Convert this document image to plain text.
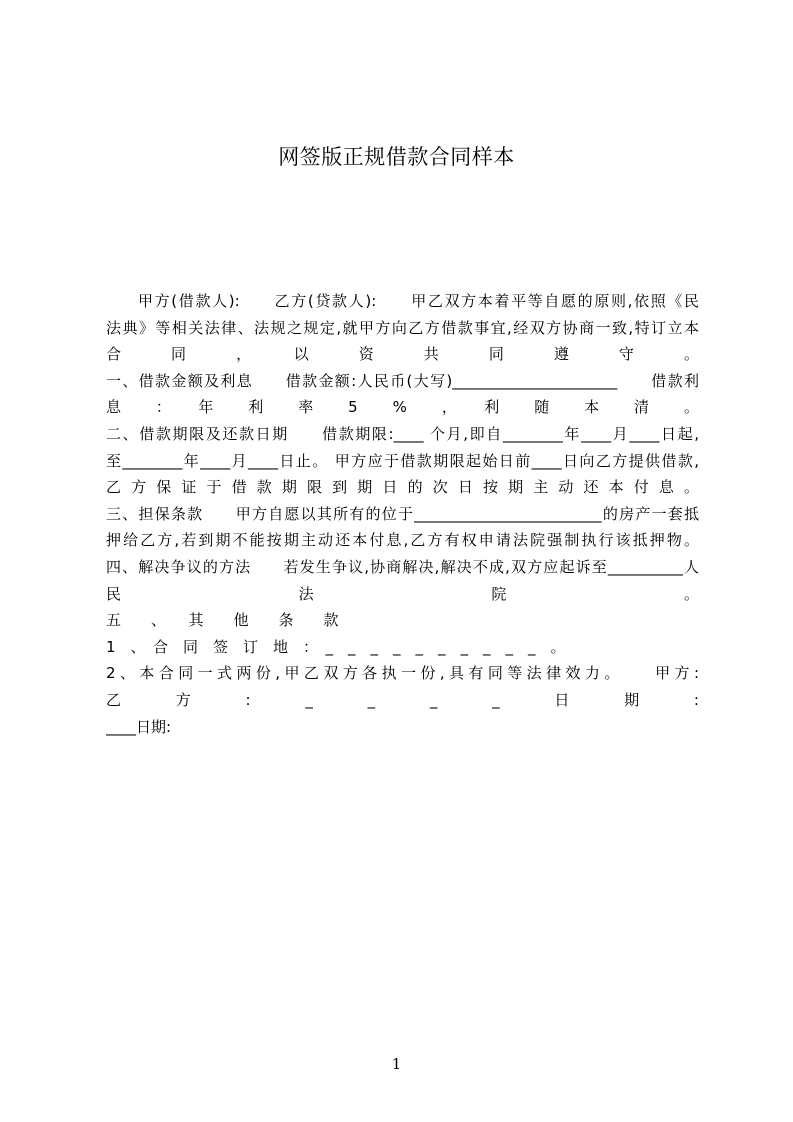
网签版正规借款合同样本
甲方(借款人):　　乙方(贷款人):　　甲乙双方本着平等自愿的原则,依照《民
法典》等相关法律、法规之规定,就甲方向乙方借款事宜,经双方协商一致,特订立本
合　　同　　，　　以　　资　　共　　同　　遵　　守　　。
一、借款金额及利息　　借款金额:人民币(大写)______________________　　借款利
息　：　年　利　率　5　%　，　利　随　本　清　。
二、借款期限及还款日期　　借款期限:____ 个月,即自________年____月____日起,
至________年____月____日止。 甲方应于借款期限起始日前____日向乙方提供借款,
乙 方 保 证 于 借 款 期 限 到 期 日 的 次 日 按 期 主 动 还 本 付 息 。
三、担保条款　　甲方自愿以其所有的位于_________________________的房产一套抵
押给乙方,若到期不能按期主动还本付息,乙方有权申请法院强制执行该抵押物。
四、解决争议的方法　　若发生争议,协商解决,解决不成,双方应起诉至__________人
民　　　　法　　　　院　　　　。
五　　、　　其　　他　　条　　款
1　、　合　同　签　订　地　：　_　_　_　_　_　_　_　_　_　_　。
2、本合同一式两份,甲乙双方各执一份,具有同等法律效力。　　甲方:
乙　　方　　:　　_　　_　　_　　_　　日　　期　　:
____日期:
1
